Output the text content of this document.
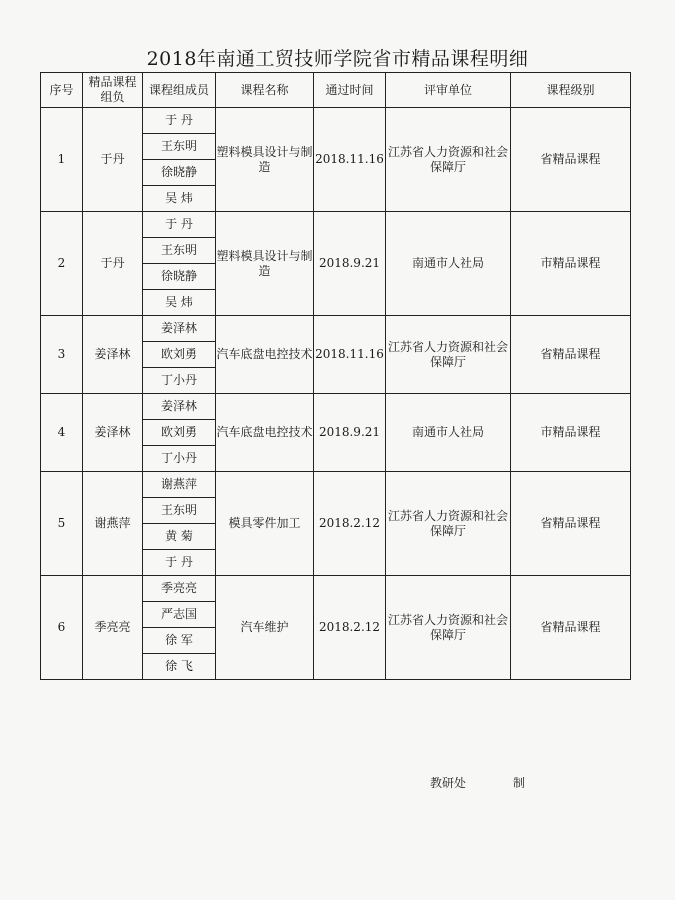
2018年南通工贸技师学院省市精品课程明细
序号	精品课程组负	课程组成员	课程名称	通过时间	评审单位	课程级别
1	于丹	于 丹	塑料模具设计与制造	2018.11.16	江苏省人力资源和社会保障厅	省精品课程
		王东明				
		徐晓静				
		吴 炜				
2	于丹	于 丹	塑料模具设计与制造	2018.9.21	南通市人社局	市精品课程
		王东明				
		徐晓静				
		吴 炜				
3	姜泽林	姜泽林	汽车底盘电控技术	2018.11.16	江苏省人力资源和社会保障厅	省精品课程
		欧刘勇				
		丁小丹				
4	姜泽林	姜泽林	汽车底盘电控技术	2018.9.21	南通市人社局	市精品课程
		欧刘勇				
		丁小丹				
5	谢燕萍	谢燕萍	模具零件加工	2018.2.12	江苏省人力资源和社会保障厅	省精品课程
		王东明				
		黄 菊				
		于 丹				
6	季亮亮	季亮亮	汽车维护	2018.2.12	江苏省人力资源和社会保障厅	省精品课程
		严志国				
		徐 军				
		徐 飞				
教研处	制
